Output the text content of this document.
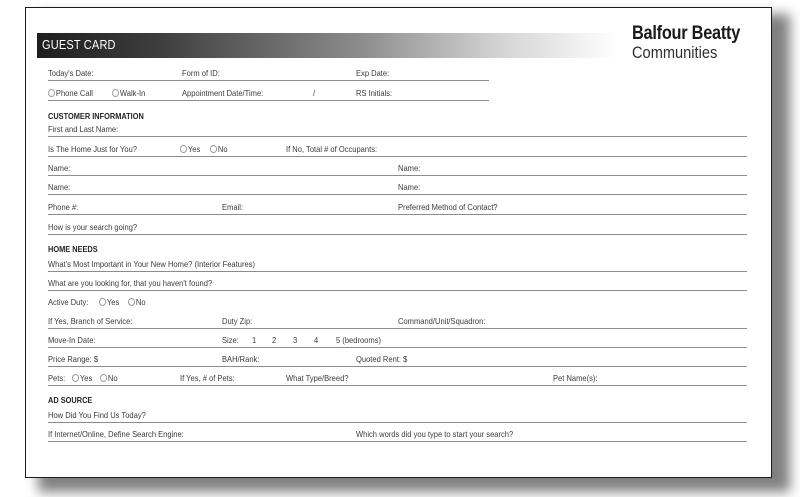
GUEST CARD
Balfour Beatty
Communities
Today's Date:	Form of ID:	Exp Date:
Phone Call	Walk-In	Appointment Date/Time:	/	RS Initials:
CUSTOMER INFORMATION
First and Last Name:
Is The Home Just for You?	Yes	No	If No, Total # of Occupants:
Name:	Name:
Name:	Name:
Phone #:	Email:	Preferred Method of Contact?
How is your search going?
HOME NEEDS
What's Most Important in Your New Home? (Interior Features)
What are you looking for, that you haven't found?
Active Duty:	Yes	No
If Yes, Branch of Service:	Duty Zip:	Command/Unit/Squadron:
Move-In Date:	Size: 1 2 3 4 5 (bedrooms)
Price Range: $	BAH/Rank:	Quoted Rent: $
Pets:	Yes	No	If Yes, # of Pets:	What Type/Breed?	Pet Name(s):
AD SOURCE
How Did You Find Us Today?
If Internet/Online, Define Search Engine:	Which words did you type to start your search?
